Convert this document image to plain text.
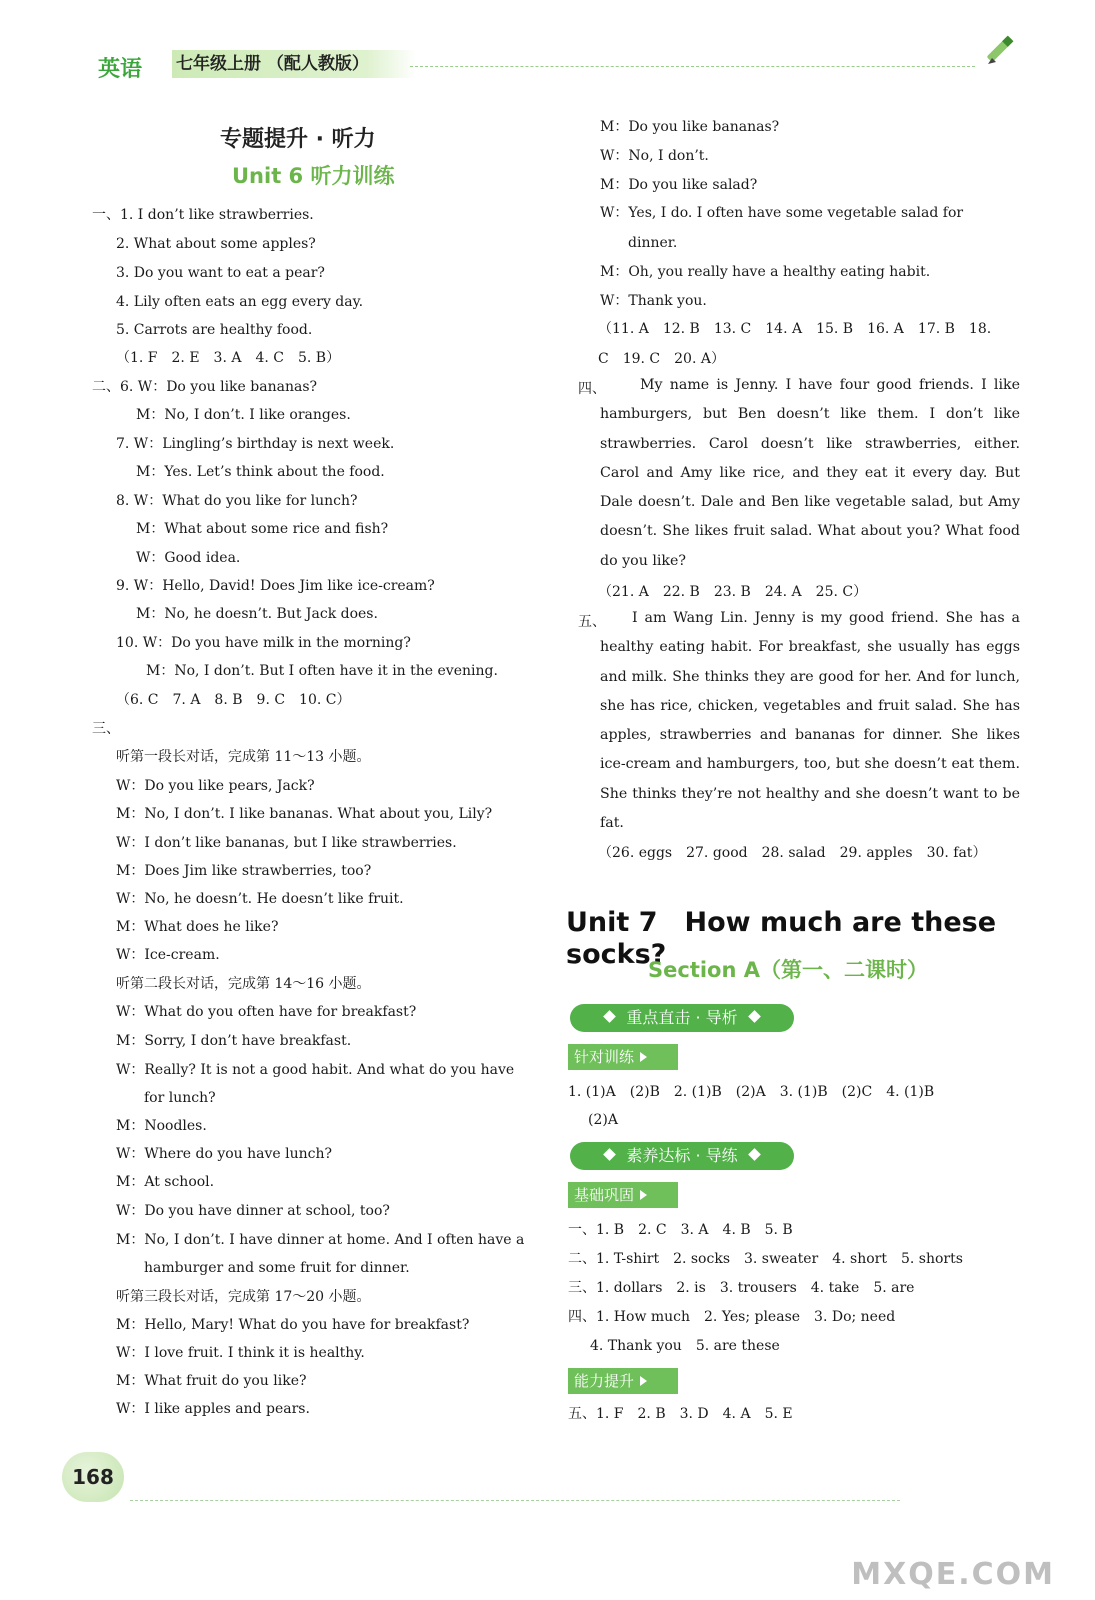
英语 七年级上册 （配人教版）
专题提升 · 听力
Unit 6 听力训练
一、1. I don’t like strawberries.
2. What about some apples?
3. Do you want to eat a pear?
4. Lily often eats an egg every day.
5. Carrots are healthy food.
（1. F　2. E　3. A　4. C　5. B）
二、6. W：Do you like bananas?
M：No, I don’t. I like oranges.
7. W：Lingling’s birthday is next week.
M：Yes. Let’s think about the food.
8. W：What do you like for lunch?
M：What about some rice and fish?
W：Good idea.
9. W：Hello, David! Does Jim like ice-cream?
M：No, he doesn’t. But Jack does.
10. W：Do you have milk in the morning?
M：No, I don’t. But I often have it in the evening.
（6. C　7. A　8. B　9. C　10. C）
三、
听第一段长对话，完成第 11～13 小题。
W：Do you like pears, Jack?
M：No, I don’t. I like bananas. What about you, Lily?
W：I don’t like bananas, but I like strawberries.
M：Does Jim like strawberries, too?
W：No, he doesn’t. He doesn’t like fruit.
M：What does he like?
W：Ice-cream.
听第二段长对话，完成第 14～16 小题。
W：What do you often have for breakfast?
M：Sorry, I don’t have breakfast.
W：Really? It is not a good habit. And what do you have
for lunch?
M：Noodles.
W：Where do you have lunch?
M：At school.
W：Do you have dinner at school, too?
M：No, I don’t. I have dinner at home. And I often have a
hamburger and some fruit for dinner.
听第三段长对话，完成第 17～20 小题。
M：Hello, Mary! What do you have for breakfast?
W：I love fruit. I think it is healthy.
M：What fruit do you like?
W：I like apples and pears.
M：Do you like bananas?
W：No, I don’t.
M：Do you like salad?
W：Yes, I do. I often have some vegetable salad for
dinner.
M：Oh, you really have a healthy eating habit.
W：Thank you.
（11. A　12. B　13. C　14. A　15. B　16. A　17. B　18.
C　19. C　20. A）
四、	My name is Jenny. I have four good friends. I like hamburgers, but Ben doesn’t like them. I don’t like strawberries. Carol doesn’t like strawberries, either. Carol and Amy like rice, and they eat it every day. But Dale doesn’t. Dale and Ben like vegetable salad, but Amy doesn’t. She likes fruit salad. What about you? What food do you like?
（21. A　22. B　23. B　24. A　25. C）
五、	I am Wang Lin. Jenny is my good friend. She has a healthy eating habit. For breakfast, she usually has eggs and milk. She thinks they are good for her. And for lunch, she has rice, chicken, vegetables and fruit salad. She has apples, strawberries and bananas for dinner. She likes ice-cream and hamburgers, too, but she doesn’t eat them. She thinks they’re not healthy and she doesn’t want to be fat.
（26. eggs　27. good　28. salad　29. apples　30. fat）
Unit 7　How much are these socks?
Section A（第一、二课时）
重点直击 · 导析
针对训练
1. (1)A　(2)B　2. (1)B　(2)A　3. (1)B　(2)C　4. (1)B
(2)A
素养达标 · 导练
基础巩固
一、1. B　2. C　3. A　4. B　5. B
二、1. T-shirt　2. socks　3. sweater　4. short　5. shorts
三、1. dollars　2. is　3. trousers　4. take　5. are
四、1. How much　2. Yes; please　3. Do; need
4. Thank you　5. are these
能力提升
五、1. F　2. B　3. D　4. A　5. E
168
MXQE.COM
